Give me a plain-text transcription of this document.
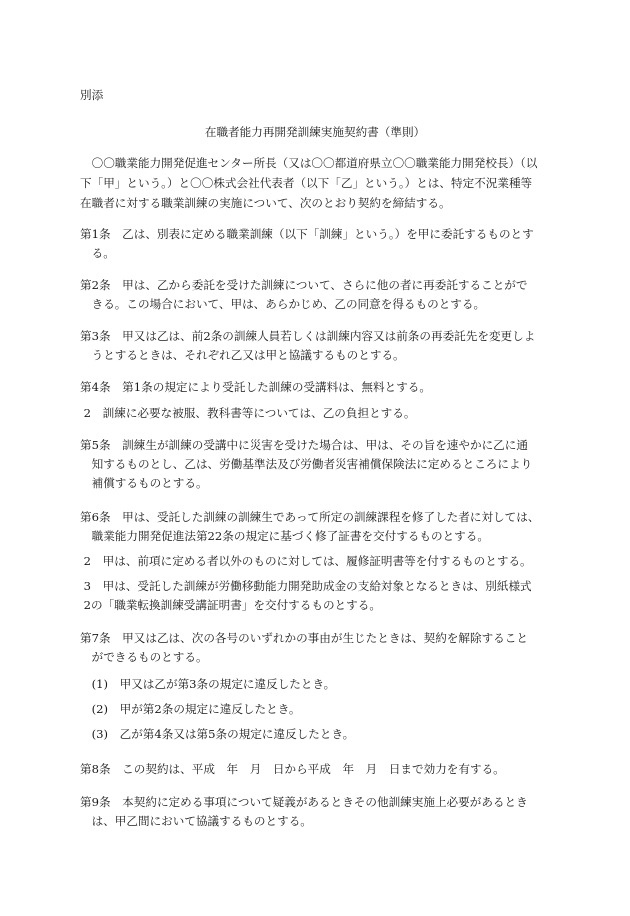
別添
在職者能力再開発訓練実施契約書（準則）
　〇〇職業能力開発促進センター所長（又は〇〇都道府県立〇〇職業能力開発校長）（以
下「甲」という。）と〇〇株式会社代表者（以下「乙」という。）とは、特定不況業種等
在職者に対する職業訓練の実施について、次のとおり契約を締結する。
第1条　乙は、別表に定める職業訓練（以下「訓練」という。）を甲に委託するものとす
　る。
第2条　甲は、乙から委託を受けた訓練について、さらに他の者に再委託することがで
　きる。この場合において、甲は、あらかじめ、乙の同意を得るものとする。
第3条　甲又は乙は、前2条の訓練人員若しくは訓練内容又は前条の再委託先を変更しよ
　うとするときは、それぞれ乙又は甲と協議するものとする。
第4条　第1条の規定により受託した訓練の受講料は、無料とする。
2　訓練に必要な被服、教科書等については、乙の負担とする。
第5条　訓練生が訓練の受講中に災害を受けた場合は、甲は、その旨を速やかに乙に通
　知するものとし、乙は、労働基準法及び労働者災害補償保険法に定めるところにより
　補償するものとする。
第6条　甲は、受託した訓練の訓練生であって所定の訓練課程を修了した者に対しては、
　職業能力開発促進法第22条の規定に基づく修了証書を交付するものとする。
2　甲は、前項に定める者以外のものに対しては、履修証明書等を付するものとする。
3　甲は、受託した訓練が労働移動能力開発助成金の支給対象となるときは、別紙様式
2の「職業転換訓練受講証明書」を交付するものとする。
第7条　甲又は乙は、次の各号のいずれかの事由が生じたときは、契約を解除すること
　ができるものとする。
　(1)　甲又は乙が第3条の規定に違反したとき。
　(2)　甲が第2条の規定に違反したとき。
　(3)　乙が第4条又は第5条の規定に違反したとき。
第8条　この契約は、平成　年　月　日から平成　年　月　日まで効力を有する。
第9条　本契約に定める事項について疑義があるときその他訓練実施上必要があるとき
　は、甲乙間において協議するものとする。
